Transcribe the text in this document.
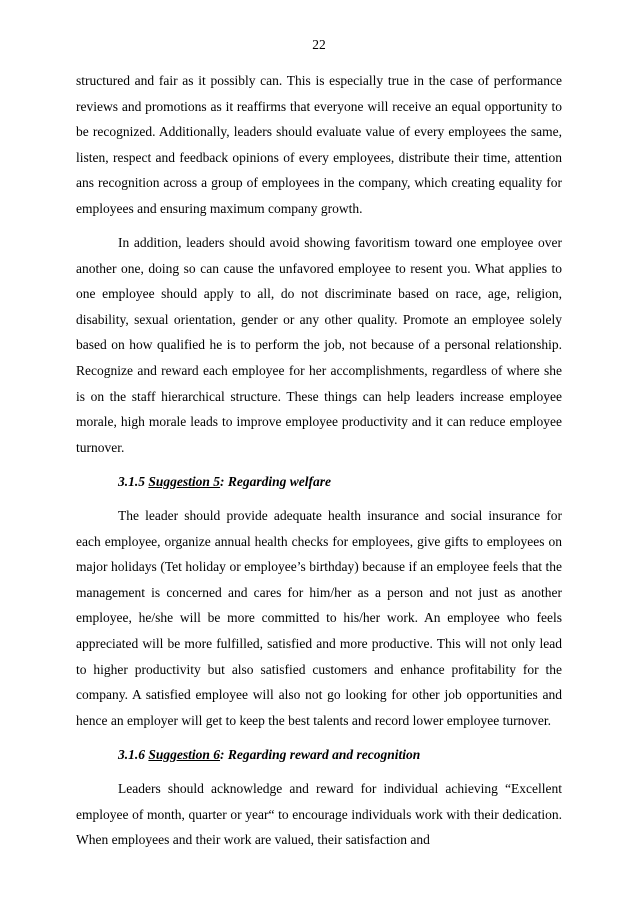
22

structured and fair as it possibly can. This is especially true in the case of performance reviews and promotions as it reaffirms that everyone will receive an equal opportunity to be recognized. Additionally, leaders should evaluate value of every employees the same, listen, respect and feedback opinions of every employees, distribute their time, attention ans recognition across a group of employees in the company, which creating equality for employees and ensuring maximum company growth.

In addition, leaders should avoid showing favoritism toward one employee over another one, doing so can cause the unfavored employee to resent you. What applies to one employee should apply to all, do not discriminate based on race, age, religion, disability, sexual orientation, gender or any other quality. Promote an employee solely based on how qualified he is to perform the job, not because of a personal relationship. Recognize and reward each employee for her accomplishments, regardless of where she is on the staff hierarchical structure. These things can help leaders increase employee morale, high morale leads to improve employee productivity and it can reduce employee turnover.

3.1.5 Suggestion 5: Regarding welfare

The leader should provide adequate health insurance and social insurance for each employee, organize annual health checks for employees, give gifts to employees on major holidays (Tet holiday or employee’s birthday) because if an employee feels that the management is concerned and cares for him/her as a person and not just as another employee, he/she will be more committed to his/her work. An employee who feels appreciated will be more fulfilled, satisfied and more productive. This will not only lead to higher productivity but also satisfied customers and enhance profitability for the company. A satisfied employee will also not go looking for other job opportunities and hence an employer will get to keep the best talents and record lower employee turnover.

3.1.6 Suggestion 6: Regarding reward and recognition

Leaders should acknowledge and reward for individual achieving “Excellent employee of month, quarter or year“ to encourage individuals work with their dedication. When employees and their work are valued, their satisfaction and
